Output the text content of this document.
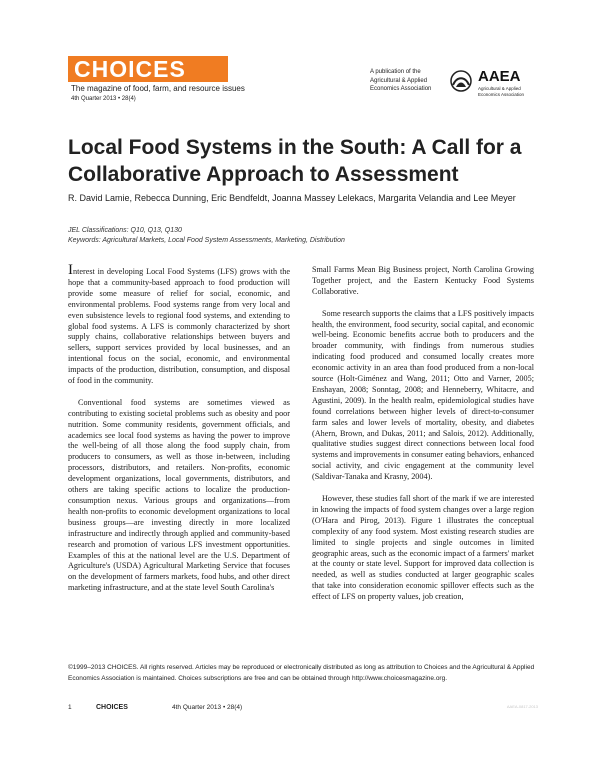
CHOICES
The magazine of food, farm, and resource issues
4th Quarter 2013 • 28(4)
A publication of the Agricultural & Applied Economics Association
AAEA
Agricultural & Applied Economics Association
Local Food Systems in the South: A Call for a Collaborative Approach to Assessment
R. David Lamie, Rebecca Dunning, Eric Bendfeldt, Joanna Massey Lelekacs, Margarita Velandia and Lee Meyer
JEL Classifications: Q10, Q13, Q130
Keywords: Agricultural Markets, Local Food System Assessments, Marketing, Distribution

Interest in developing Local Food Systems (LFS) grows with the hope that a community-based approach to food production will provide some measure of relief for social, economic, and environmental problems. Food systems range from very local and even subsistence levels to regional food systems, and extending to global food systems. A LFS is commonly characterized by short supply chains, collaborative relationships between buyers and sellers, support services provided by local businesses, and an intentional focus on the social, economic, and environmental impacts of the production, distribution, consumption, and disposal of food in the community.

Conventional food systems are sometimes viewed as contributing to existing societal problems such as obesity and poor nutrition. Some community residents, government officials, and academics see local food systems as having the power to improve the well-being of all those along the food supply chain, from producers to consumers, as well as those in-between, including processors, distributors, and retailers. Non-profits, economic development organizations, local governments, distributors, and others are taking specific actions to localize the production-consumption nexus. Various groups and organizations—from health non-profits to economic development organizations to local business groups—are investing directly in more localized infrastructure and indirectly through applied and community-based research and promotion of various LFS investment opportunities. Examples of this at the national level are the U.S. Department of Agriculture's (USDA) Agricultural Marketing Service that focuses on the development of farmers markets, food hubs, and other direct marketing infrastructure, and at the state level South Carolina's

Small Farms Mean Big Business project, North Carolina Growing Together project, and the Eastern Kentucky Food Systems Collaborative.

Some research supports the claims that a LFS positively impacts health, the environment, food security, social capital, and economic well-being. Economic benefits accrue both to producers and the broader community, with findings from numerous studies indicating food produced and consumed locally creates more economic activity in an area than food produced from a non-local source (Holt-Giménez and Wang, 2011; Otto and Varner, 2005; Enshayan, 2008; Sonntag, 2008; and Henneberry, Whitacre, and Agustini, 2009). In the health realm, epidemiological studies have found correlations between higher levels of direct-to-consumer farm sales and lower levels of mortality, obesity, and diabetes (Ahern, Brown, and Dukas, 2011; and Salois, 2012). Additionally, qualitative studies suggest direct connections between local food systems and improvements in consumer eating behaviors, enhanced social activity, and civic engagement at the community level (Saldivar-Tanaka and Krasny, 2004).

However, these studies fall short of the mark if we are interested in knowing the impacts of food system changes over a large region (O'Hara and Pirog, 2013). Figure 1 illustrates the conceptual complexity of any food system. Most existing research studies are limited to single projects and single outcomes in limited geographic areas, such as the economic impact of a farmers' market at the county or state level. Support for improved data collection is needed, as well as studies conducted at larger geographic scales that take into consideration economic spillover effects such as the effect of LFS on property values, job creation,

©1999–2013 CHOICES. All rights reserved. Articles may be reproduced or electronically distributed as long as attribution to Choices and the Agricultural & Applied Economics Association is maintained. Choices subscriptions are free and can be obtained through http://www.choicesmagazine.org.
1	CHOICES	4th Quarter 2013 • 28(4)	AAEA-0817-2013
